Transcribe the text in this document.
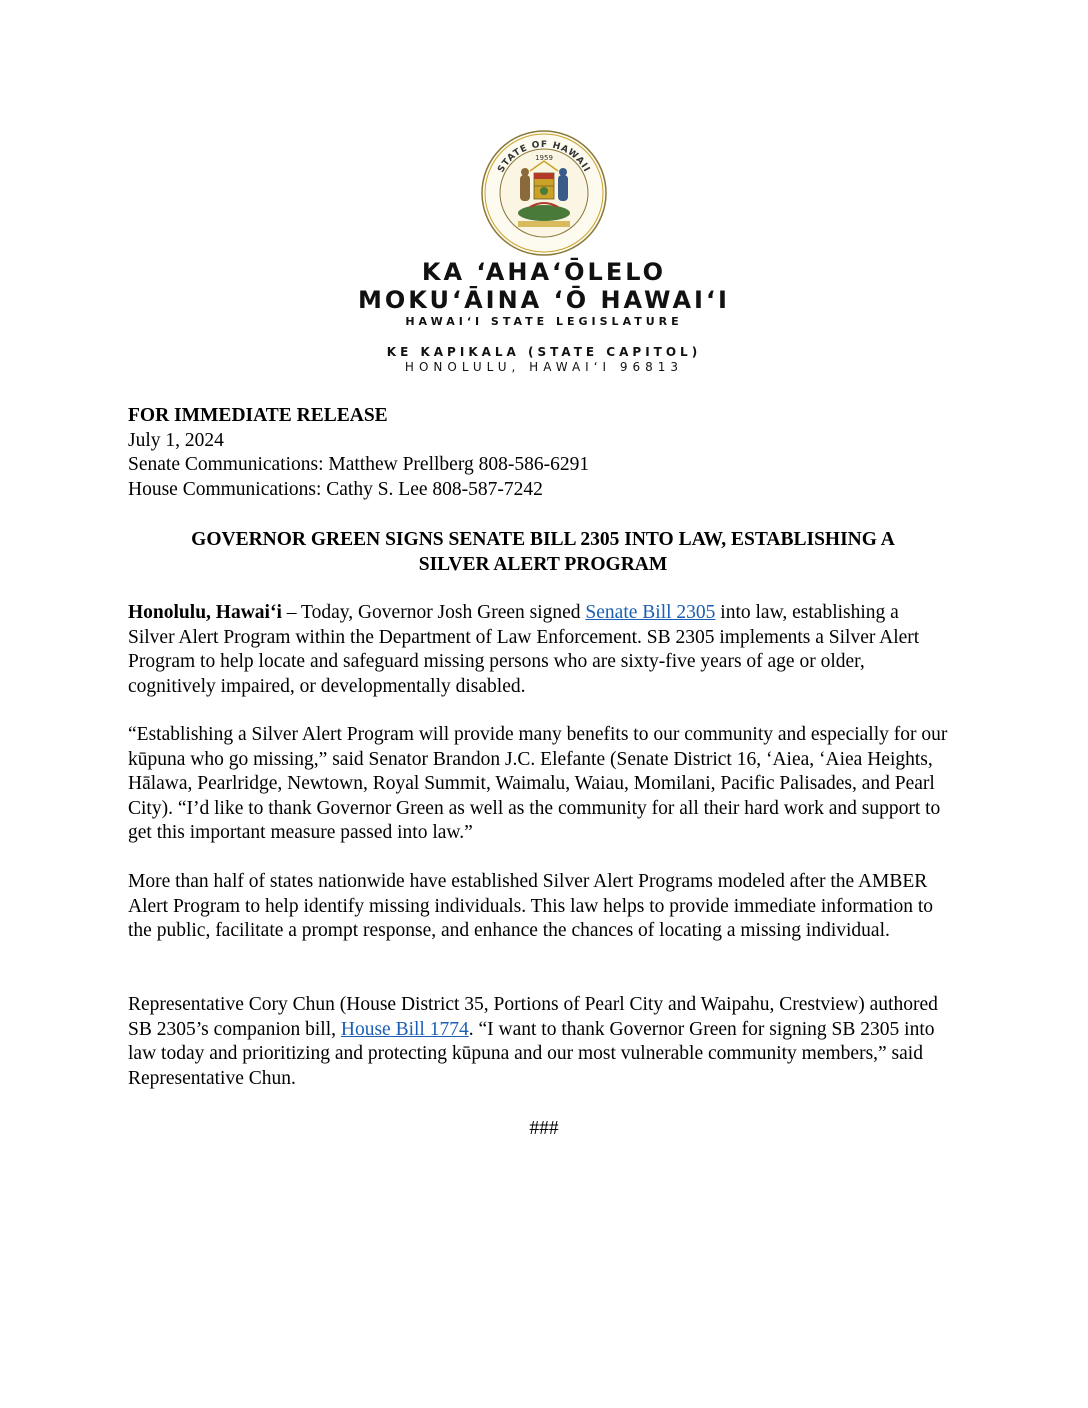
STATE OF HAWAII
1959
KA ʻAHAʻŌLELO
MOKUʻĀINA ʻŌ HAWAIʻI
HAWAIʻI STATE LEGISLATURE
KE KAPIKALA (STATE CAPITOL)
HONOLULU, HAWAIʻI 96813
FOR IMMEDIATE RELEASE
July 1, 2024
Senate Communications: Matthew Prellberg 808-586-6291
House Communications: Cathy S. Lee 808-587-7242
GOVERNOR GREEN SIGNS SENATE BILL 2305 INTO LAW, ESTABLISHING A
SILVER ALERT PROGRAM
Honolulu, Hawaiʻi – Today, Governor Josh Green signed Senate Bill 2305 into law, establishing a Silver Alert Program within the Department of Law Enforcement. SB 2305 implements a Silver Alert Program to help locate and safeguard missing persons who are sixty-five years of age or older, cognitively impaired, or developmentally disabled.
“Establishing a Silver Alert Program will provide many benefits to our community and especially for our kūpuna who go missing,” said Senator Brandon J.C. Elefante (Senate District 16, ʻAiea, ʻAiea Heights, Hālawa, Pearlridge, Newtown, Royal Summit, Waimalu, Waiau, Momilani, Pacific Palisades, and Pearl City). “I’d like to thank Governor Green as well as the community for all their hard work and support to get this important measure passed into law.”
More than half of states nationwide have established Silver Alert Programs modeled after the AMBER Alert Program to help identify missing individuals. This law helps to provide immediate information to the public, facilitate a prompt response, and enhance the chances of locating a missing individual.
Representative Cory Chun (House District 35, Portions of Pearl City and Waipahu, Crestview) authored SB 2305’s companion bill, House Bill 1774. “I want to thank Governor Green for signing SB 2305 into law today and prioritizing and protecting kūpuna and our most vulnerable community members,” said Representative Chun.
###
